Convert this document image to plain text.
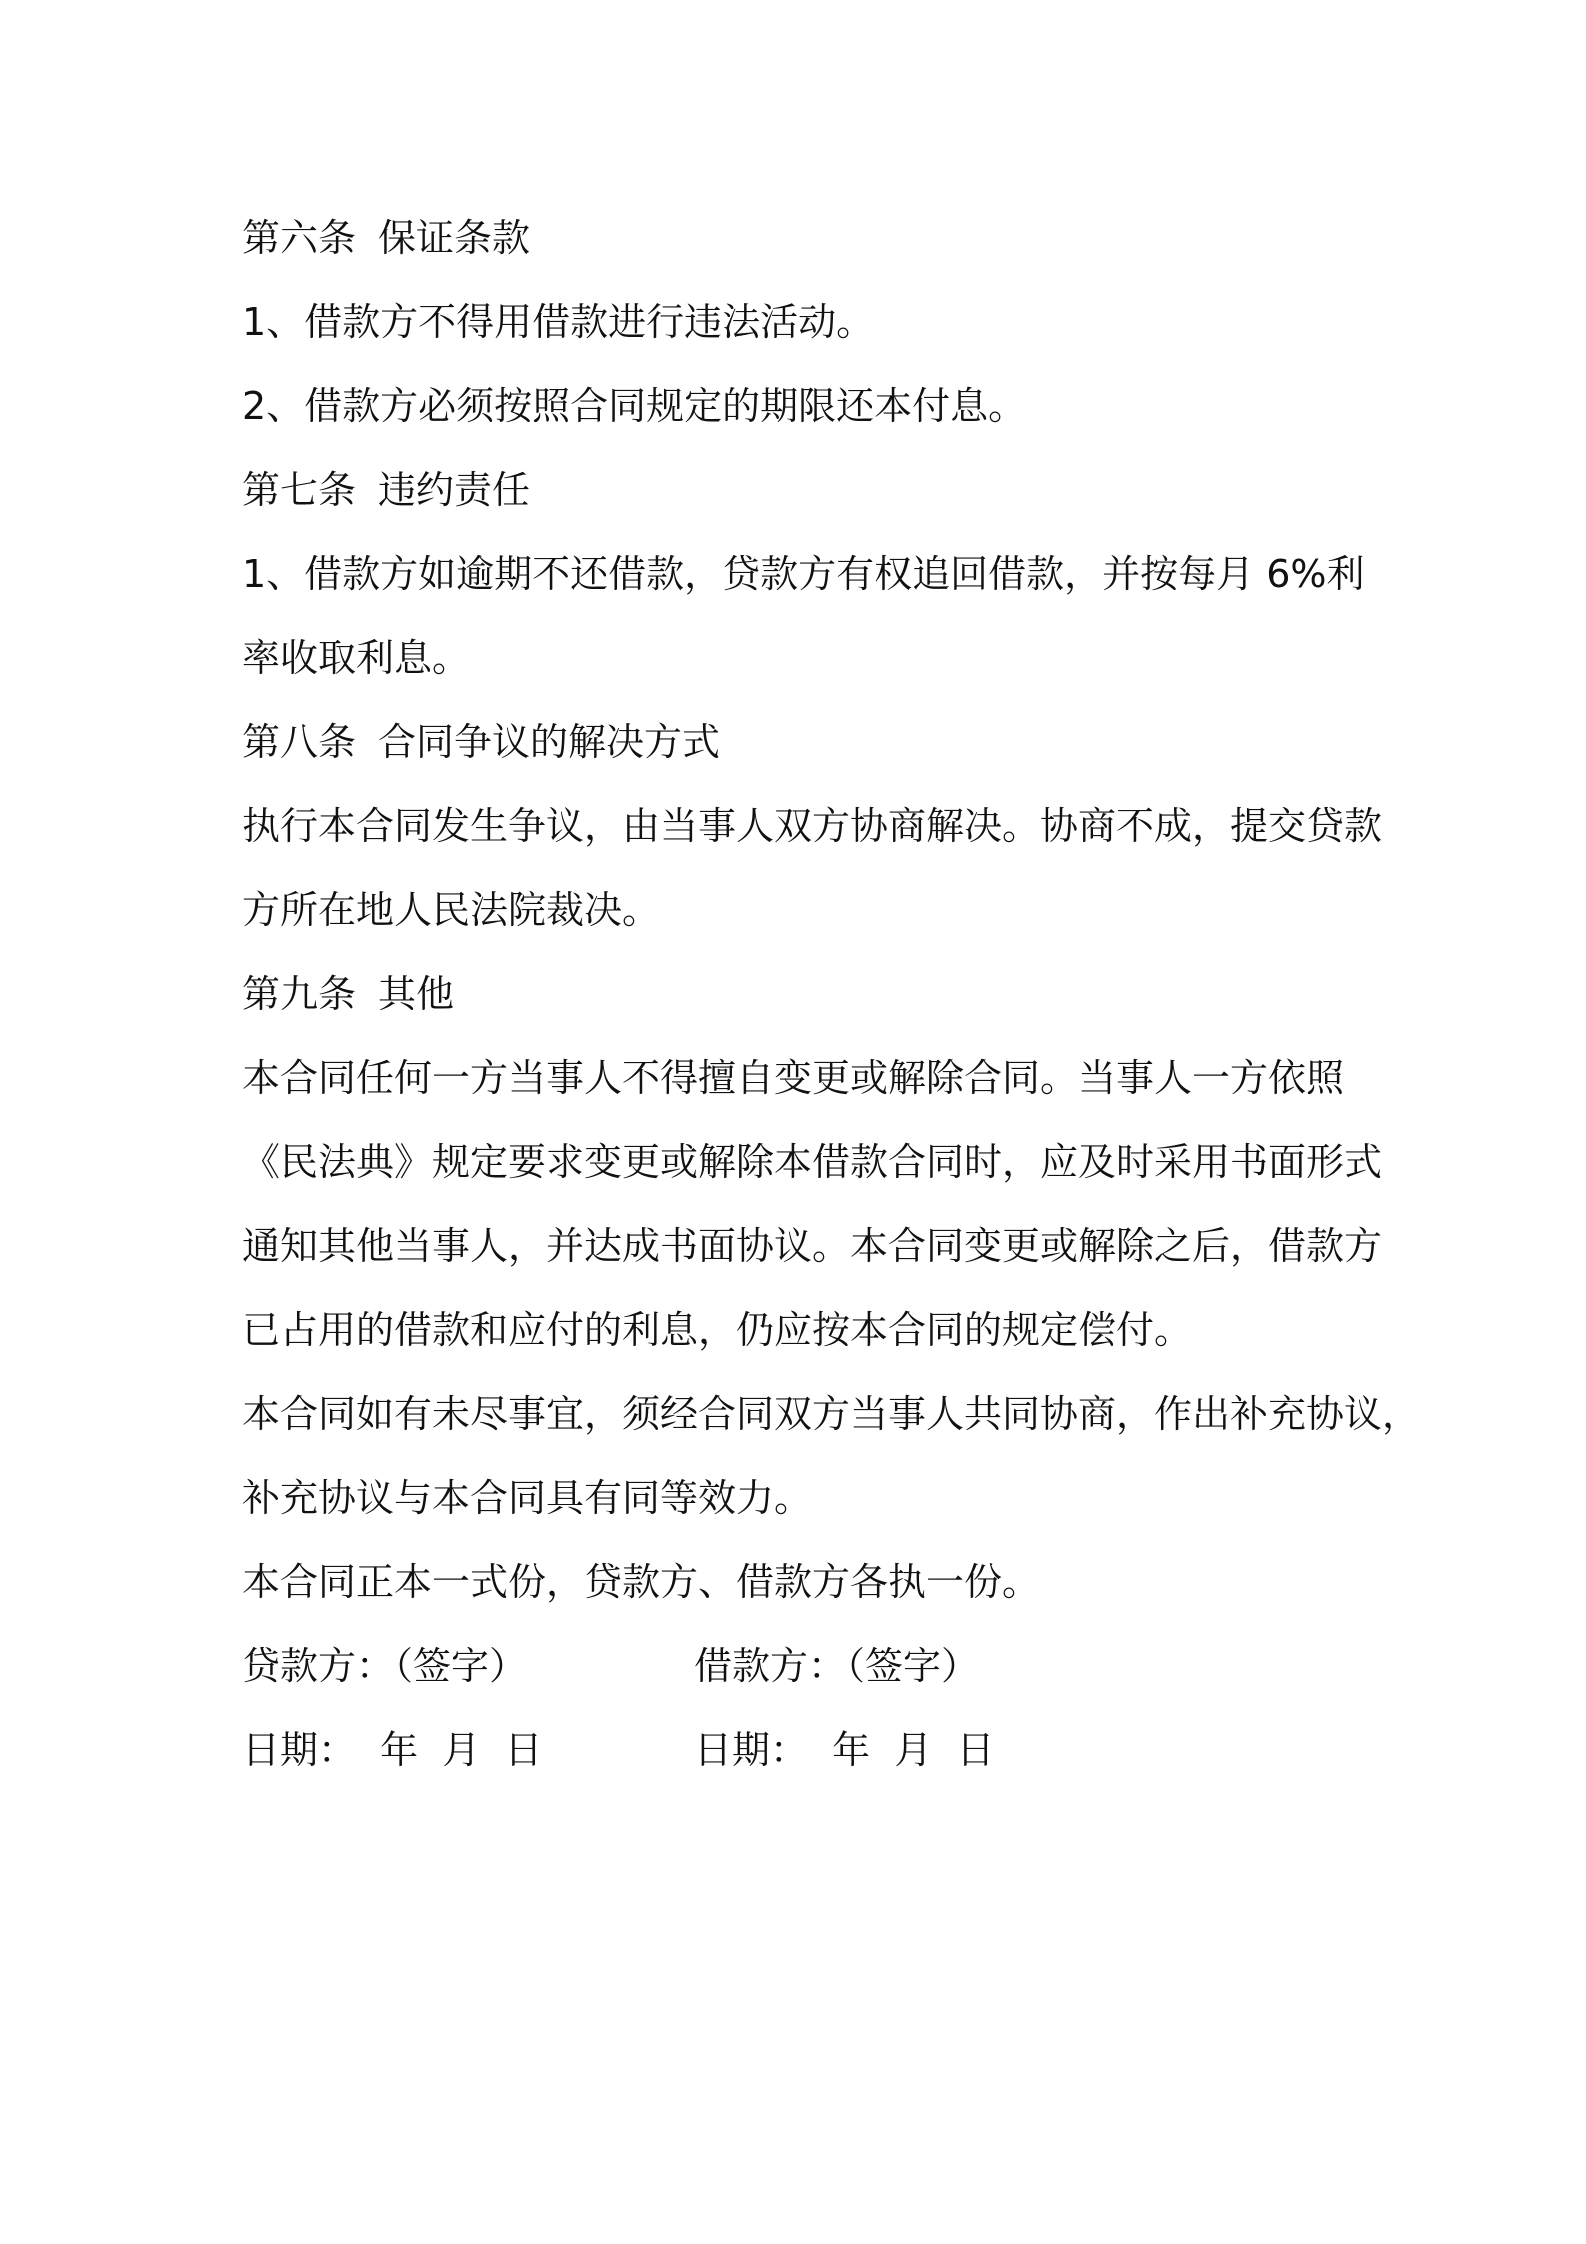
第六条 保证条款
1、借款方不得用借款进行违法活动。
2、借款方必须按照合同规定的期限还本付息。
第七条 违约责任
1、借款方如逾期不还借款，贷款方有权追回借款，并按每月 6%利
率收取利息。
第八条 合同争议的解决方式
执行本合同发生争议，由当事人双方协商解决。协商不成，提交贷款
方所在地人民法院裁决。
第九条 其他
本合同任何一方当事人不得擅自变更或解除合同。当事人一方依照
《民法典》规定要求变更或解除本借款合同时，应及时采用书面形式
通知其他当事人，并达成书面协议。本合同变更或解除之后，借款方
已占用的借款和应付的利息，仍应按本合同的规定偿付。
本合同如有未尽事宜，须经合同双方当事人共同协商，作出补充协议，
补充协议与本合同具有同等效力。
本合同正本一式份，贷款方、借款方各执一份。
贷款方：（签字）	借款方：（签字）
日期：  年  月  日	日期：  年  月  日
